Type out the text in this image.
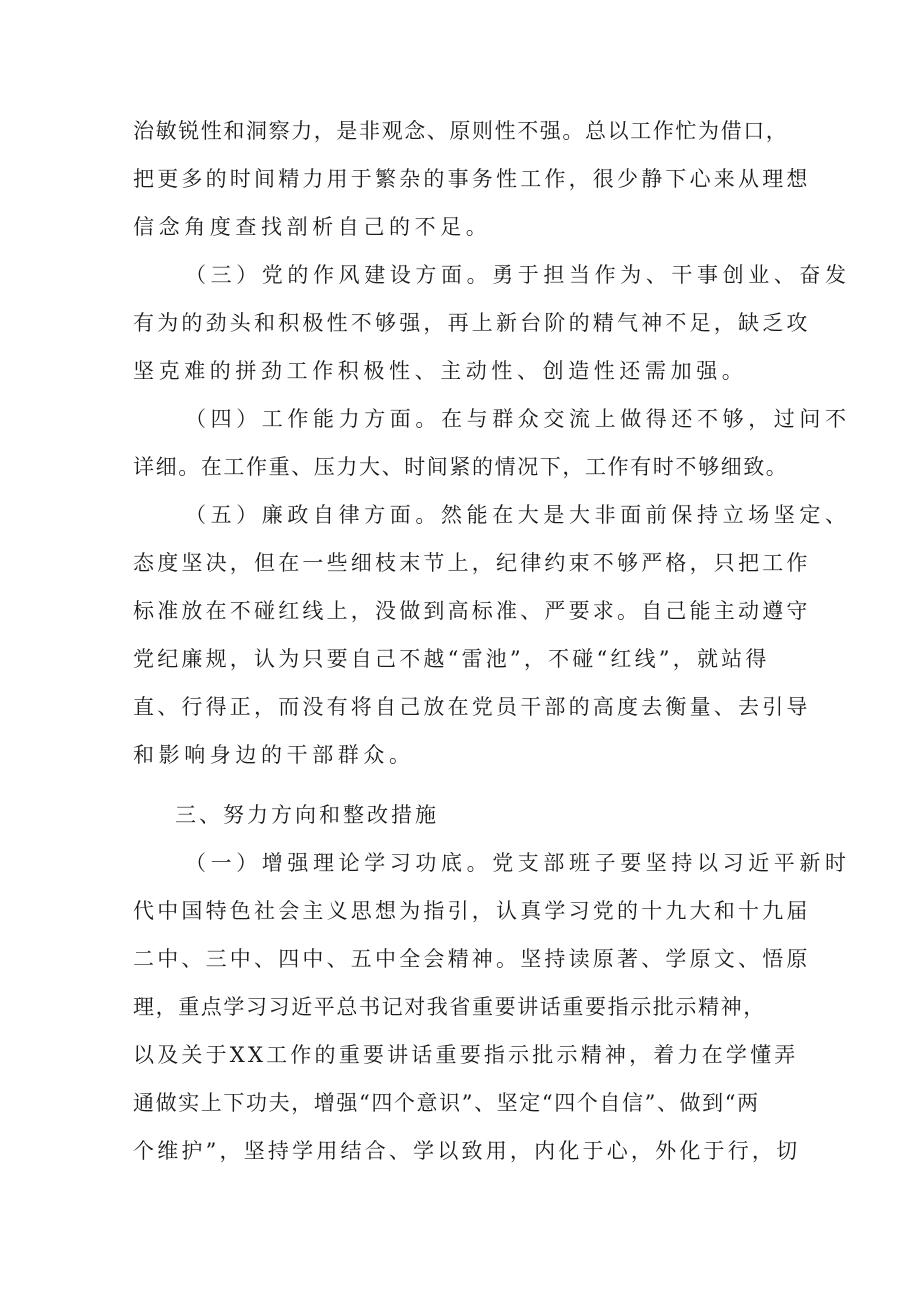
治敏锐性和洞察力，是非观念、原则性不强。总以工作忙为借口，
把更多的时间精力用于繁杂的事务性工作，很少静下心来从理想
信念角度查找剖析自己的不足。
（三）党的作风建设方面。勇于担当作为、干事创业、奋发
有为的劲头和积极性不够强，再上新台阶的精气神不足，缺乏攻
坚克难的拼劲工作积极性、主动性、创造性还需加强。
（四）工作能力方面。在与群众交流上做得还不够，过问不
详细。在工作重、压力大、时间紧的情况下，工作有时不够细致。
（五）廉政自律方面。然能在大是大非面前保持立场坚定、
态度坚决，但在一些细枝末节上，纪律约束不够严格，只把工作
标准放在不碰红线上，没做到高标准、严要求。自己能主动遵守
党纪廉规，认为只要自己不越“雷池”，不碰“红线”，就站得
直、行得正，而没有将自己放在党员干部的高度去衡量、去引导
和影响身边的干部群众。
三、努力方向和整改措施
（一）增强理论学习功底。党支部班子要坚持以习近平新时
代中国特色社会主义思想为指引，认真学习党的十九大和十九届
二中、三中、四中、五中全会精神。坚持读原著、学原文、悟原
理，重点学习习近平总书记对我省重要讲话重要指示批示精神，
以及关于XX工作的重要讲话重要指示批示精神，着力在学懂弄
通做实上下功夫，增强“四个意识”、坚定“四个自信”、做到“两
个维护”，坚持学用结合、学以致用，内化于心，外化于行，切
